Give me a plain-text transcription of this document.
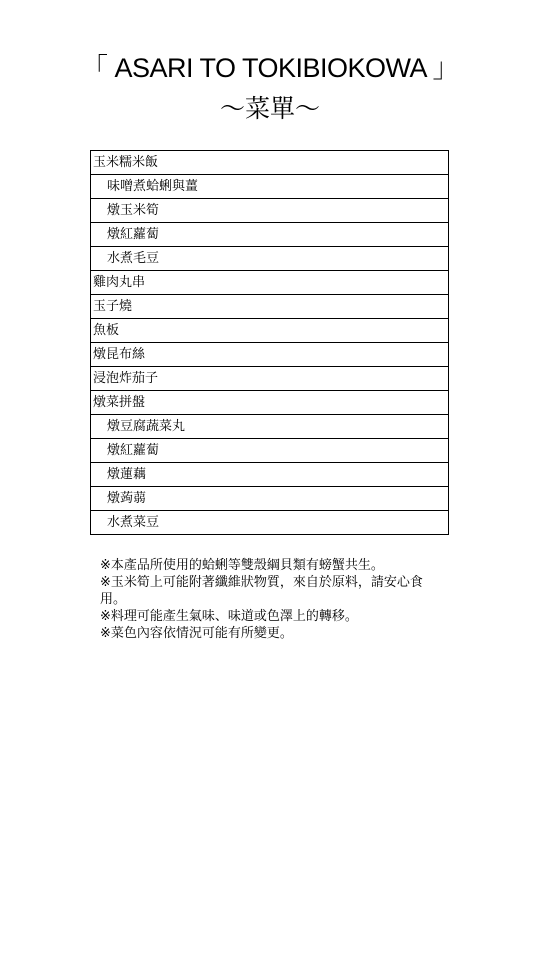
「 ASARI TO TOKIBIOKOWA 」
～菜單～
玉米糯米飯
味噌煮蛤蜊與薑
燉玉米筍
燉紅蘿蔔
水煮毛豆
雞肉丸串
玉子燒
魚板
燉昆布絲
浸泡炸茄子
燉菜拼盤
燉豆腐蔬菜丸
燉紅蘿蔔
燉蓮藕
燉蒟蒻
水煮菜豆

※本產品所使用的蛤蜊等雙殼綱貝類有螃蟹共生。

※玉米筍上可能附著纖維狀物質，來自於原料，請安心食用。

※料理可能產生氣味、味道或色澤上的轉移。

※菜色內容依情況可能有所變更。
